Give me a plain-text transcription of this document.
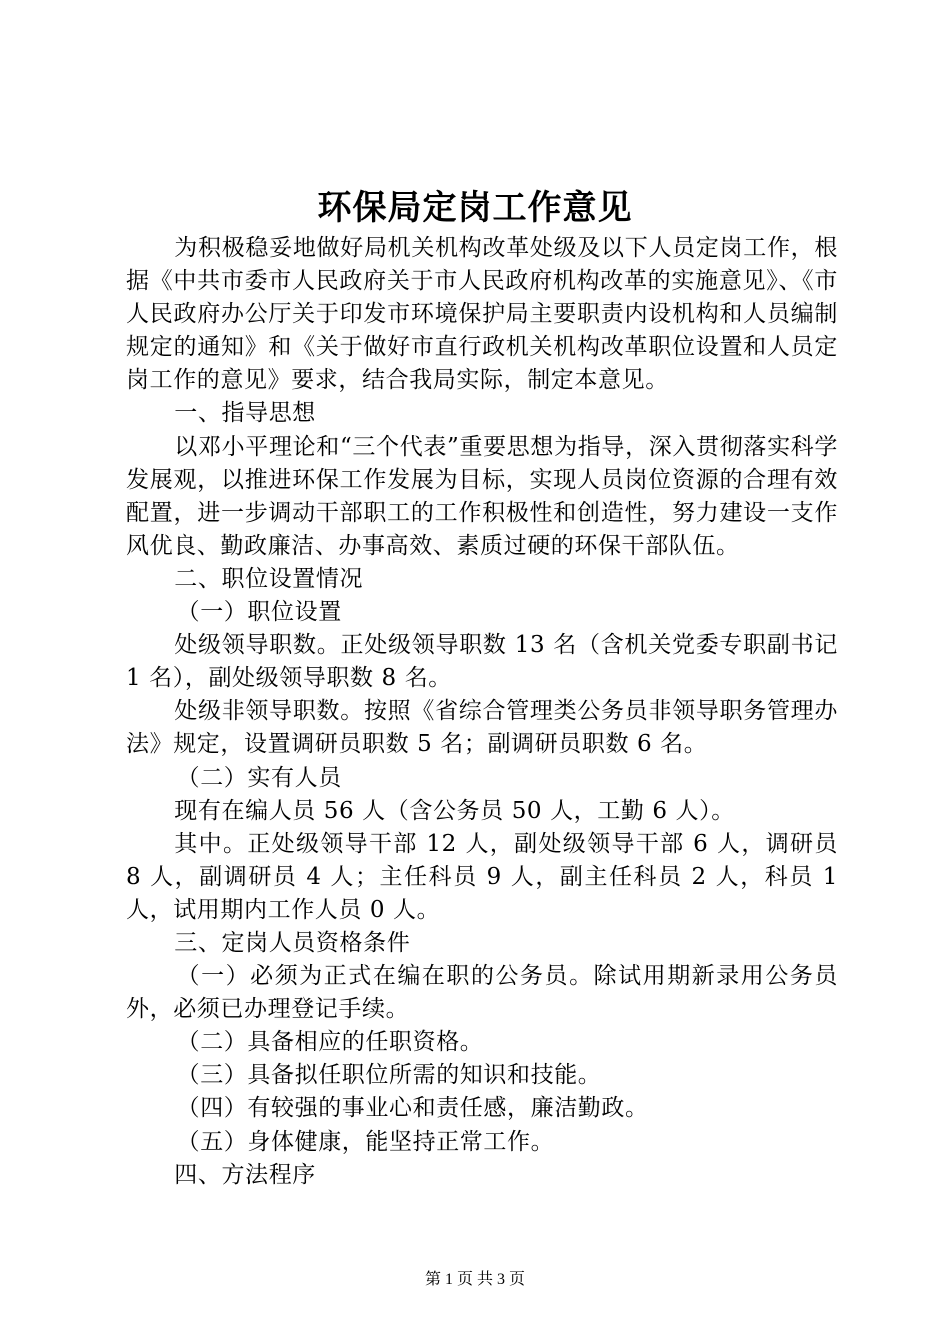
环保局定岗工作意见

为积极稳妥地做好局机关机构改革处级及以下人员定岗工作，根据《中共市委市人民政府关于市人民政府机构改革的实施意见》、《市人民政府办公厅关于印发市环境保护局主要职责内设机构和人员编制规定的通知》和《关于做好市直行政机关机构改革职位设置和人员定岗工作的意见》要求，结合我局实际，制定本意见。

一、指导思想

以邓小平理论和“三个代表”重要思想为指导，深入贯彻落实科学发展观，以推进环保工作发展为目标，实现人员岗位资源的合理有效配置，进一步调动干部职工的工作积极性和创造性，努力建设一支作风优良、勤政廉洁、办事高效、素质过硬的环保干部队伍。

二、职位设置情况

（一）职位设置

处级领导职数。正处级领导职数 13 名（含机关党委专职副书记 1 名），副处级领导职数 8 名。

处级非领导职数。按照《省综合管理类公务员非领导职务管理办法》规定，设置调研员职数 5 名；副调研员职数 6 名。

（二）实有人员

现有在编人员 56 人（含公务员 50 人，工勤 6 人）。

其中。正处级领导干部 12 人，副处级领导干部 6 人，调研员 8 人，副调研员 4 人；主任科员 9 人，副主任科员 2 人，科员 1 人，试用期内工作人员 0 人。

三、定岗人员资格条件

（一）必须为正式在编在职的公务员。除试用期新录用公务员外，必须已办理登记手续。

（二）具备相应的任职资格。

（三）具备拟任职位所需的知识和技能。

（四）有较强的事业心和责任感，廉洁勤政。

（五）身体健康，能坚持正常工作。

四、方法程序

第 1 页 共 3 页
